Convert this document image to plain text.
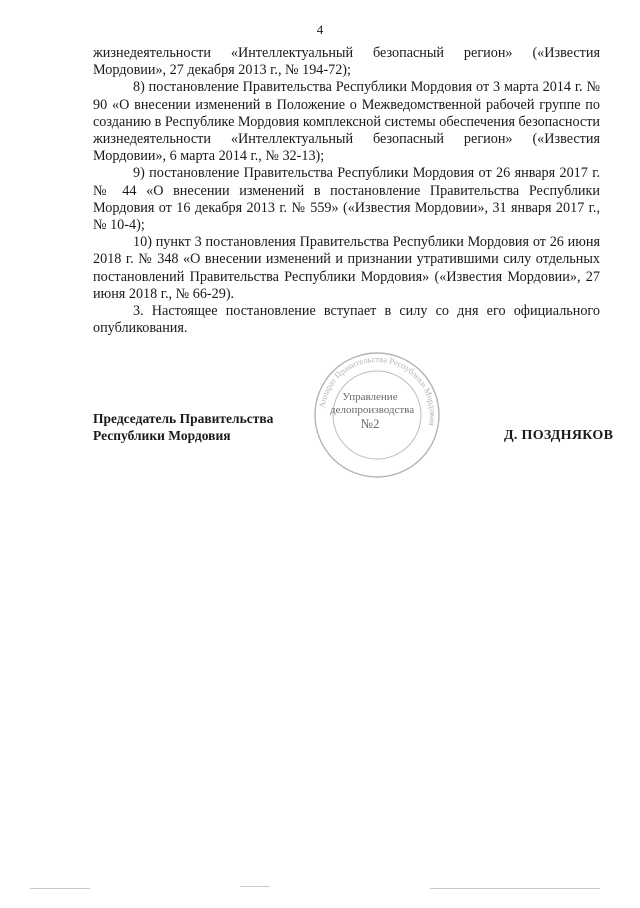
4

жизнедеятельности «Интеллектуальный безопасный регион» («Известия Мордовии», 27 декабря 2013 г., № 194-72);

8) постановление Правительства Республики Мордовия от 3 марта 2014 г. № 90 «О внесении изменений в Положение о Межведомственной рабочей группе по созданию в Республике Мордовия комплексной системы обеспечения безопасности жизнедеятельности «Интеллектуальный безопасный регион» («Известия Мордовии», 6 марта 2014 г., № 32-13);

9) постановление Правительства Республики Мордовия от 26 января 2017 г. № 44 «О внесении изменений в постановление Правительства Республики Мордовия от 16 декабря 2013 г. № 559» («Известия Мордовии», 31 января 2017 г., № 10-4);

10) пункт 3 постановления Правительства Республики Мордовия от 26 июня 2018 г. № 348 «О внесении изменений и признании утратившими силу отдельных постановлений Правительства Республики Мордовия» («Известия Мордовии», 27 июня 2018 г., № 66-29).

3. Настоящее постановление вступает в силу со дня его официального опубликования.

Аппарат Правительства Республики Мордовия
Управление
делопроизводства
№2
Председатель Правительства
Республики Мордовия	Д. ПОЗДНЯКОВ
